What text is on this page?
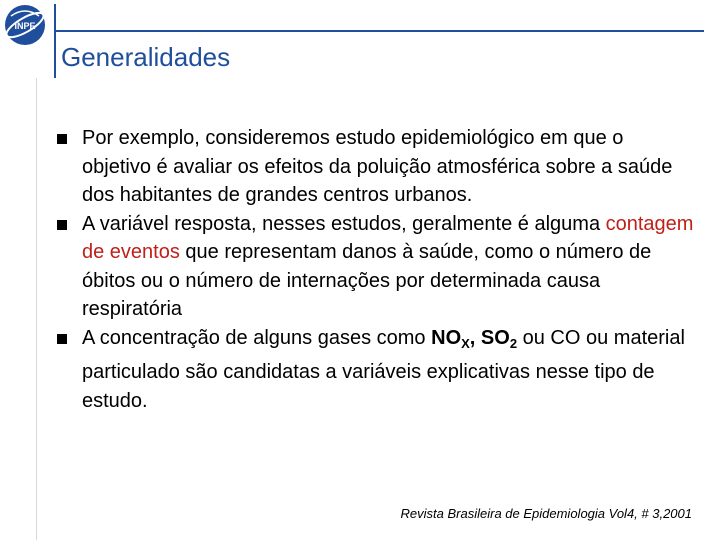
INPE
Generalidades
Por exemplo, consideremos estudo epidemiológico em que o objetivo é avaliar os efeitos da poluição atmosférica sobre a saúde dos habitantes de grandes centros urbanos.
A variável resposta, nesses estudos, geralmente é alguma contagem de eventos que representam danos à saúde, como o número de óbitos ou o número de internações por determinada causa respiratória
A concentração de alguns gases como $NO_X$, $SO_2$ ou CO ou material particulado são candidatas a variáveis explicativas nesse tipo de estudo.
Revista Brasileira de Epidemiologia Vol4, # 3,2001
